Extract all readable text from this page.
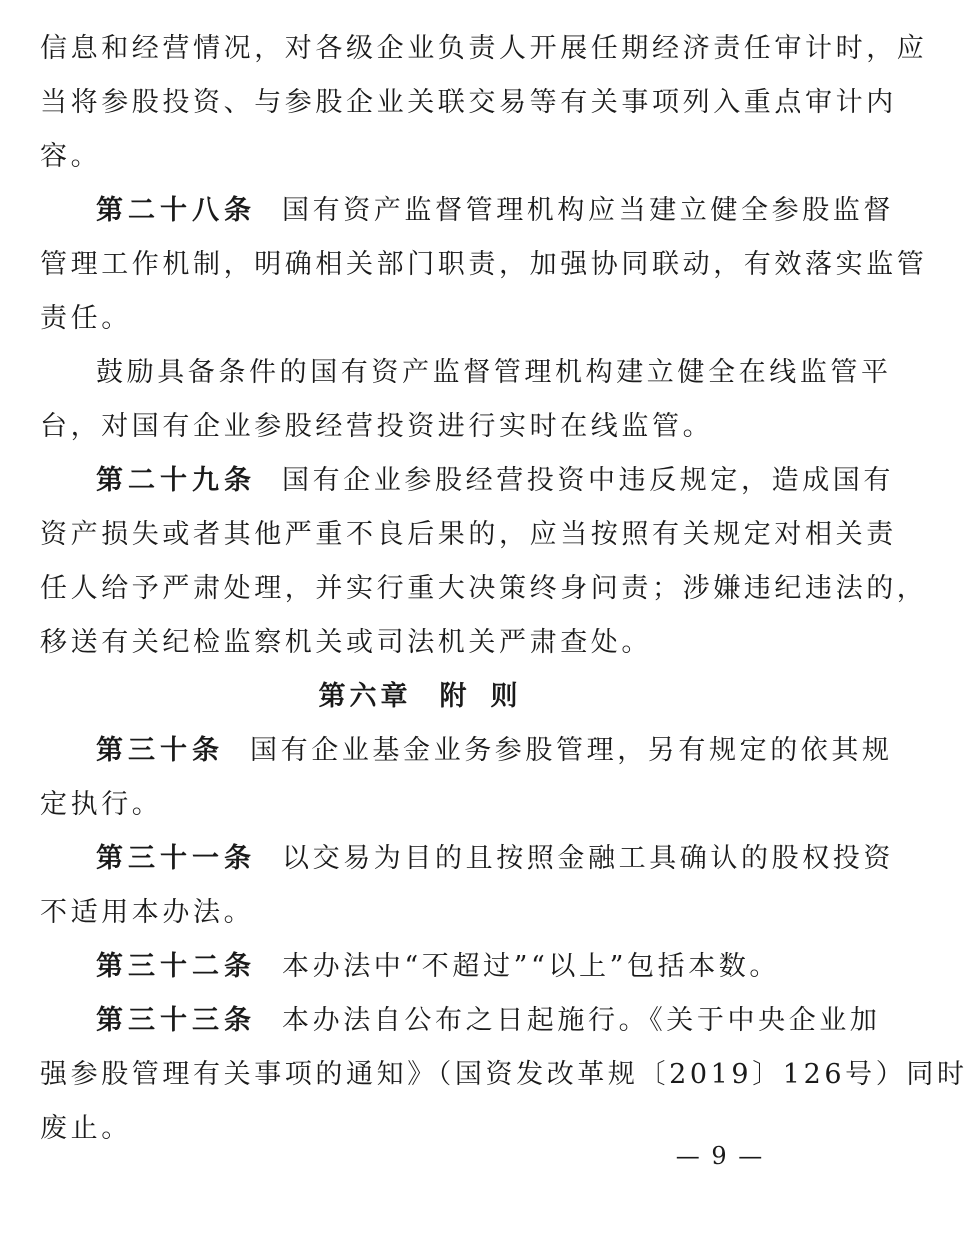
信息和经营情况，对各级企业负责人开展任期经济责任审计时，应
当将参股投资、与参股企业关联交易等有关事项列入重点审计内
容。
第二十八条 国有资产监督管理机构应当建立健全参股监督
管理工作机制，明确相关部门职责，加强协同联动，有效落实监管
责任。
鼓励具备条件的国有资产监督管理机构建立健全在线监管平
台，对国有企业参股经营投资进行实时在线监管。
第二十九条 国有企业参股经营投资中违反规定，造成国有
资产损失或者其他严重不良后果的，应当按照有关规定对相关责
任人给予严肃处理，并实行重大决策终身问责；涉嫌违纪违法的，
移送有关纪检监察机关或司法机关严肃查处。
第六章 附 则
第三十条 国有企业基金业务参股管理，另有规定的依其规
定执行。
第三十一条 以交易为目的且按照金融工具确认的股权投资
不适用本办法。
第三十二条 本办法中“不超过”“以上”包括本数。
第三十三条 本办法自公布之日起施行。《关于中央企业加
强参股管理有关事项的通知》（国资发改革规〔2019〕126号）同时
废止。
— 9 —
